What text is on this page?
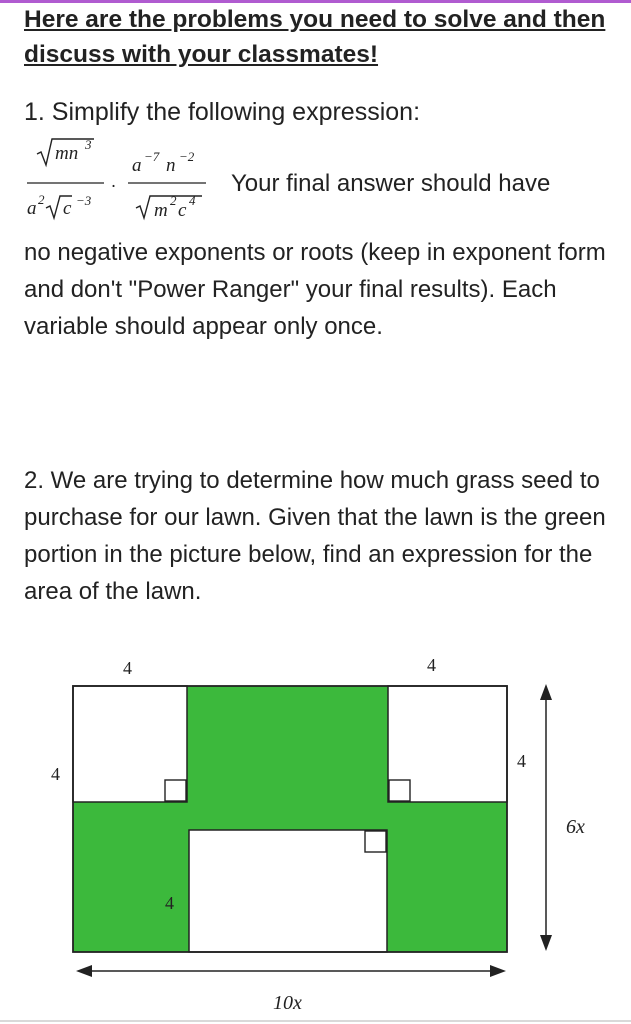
Here are the problems you need to solve and then discuss with your classmates!

1. Simplify the following expression:

mn 3
a 2 c −3
·
a −7 n −2
m 2 c 4
Your final answer should have

no negative exponents or roots (keep in exponent form and don't "Power Ranger" your final results). Each variable should appear only once.

2. We are trying to determine how much grass seed to purchase for our lawn. Given that the lawn is the green portion in the picture below, find an expression for the area of the lawn.

4	4
4
4
4
6x
10x
